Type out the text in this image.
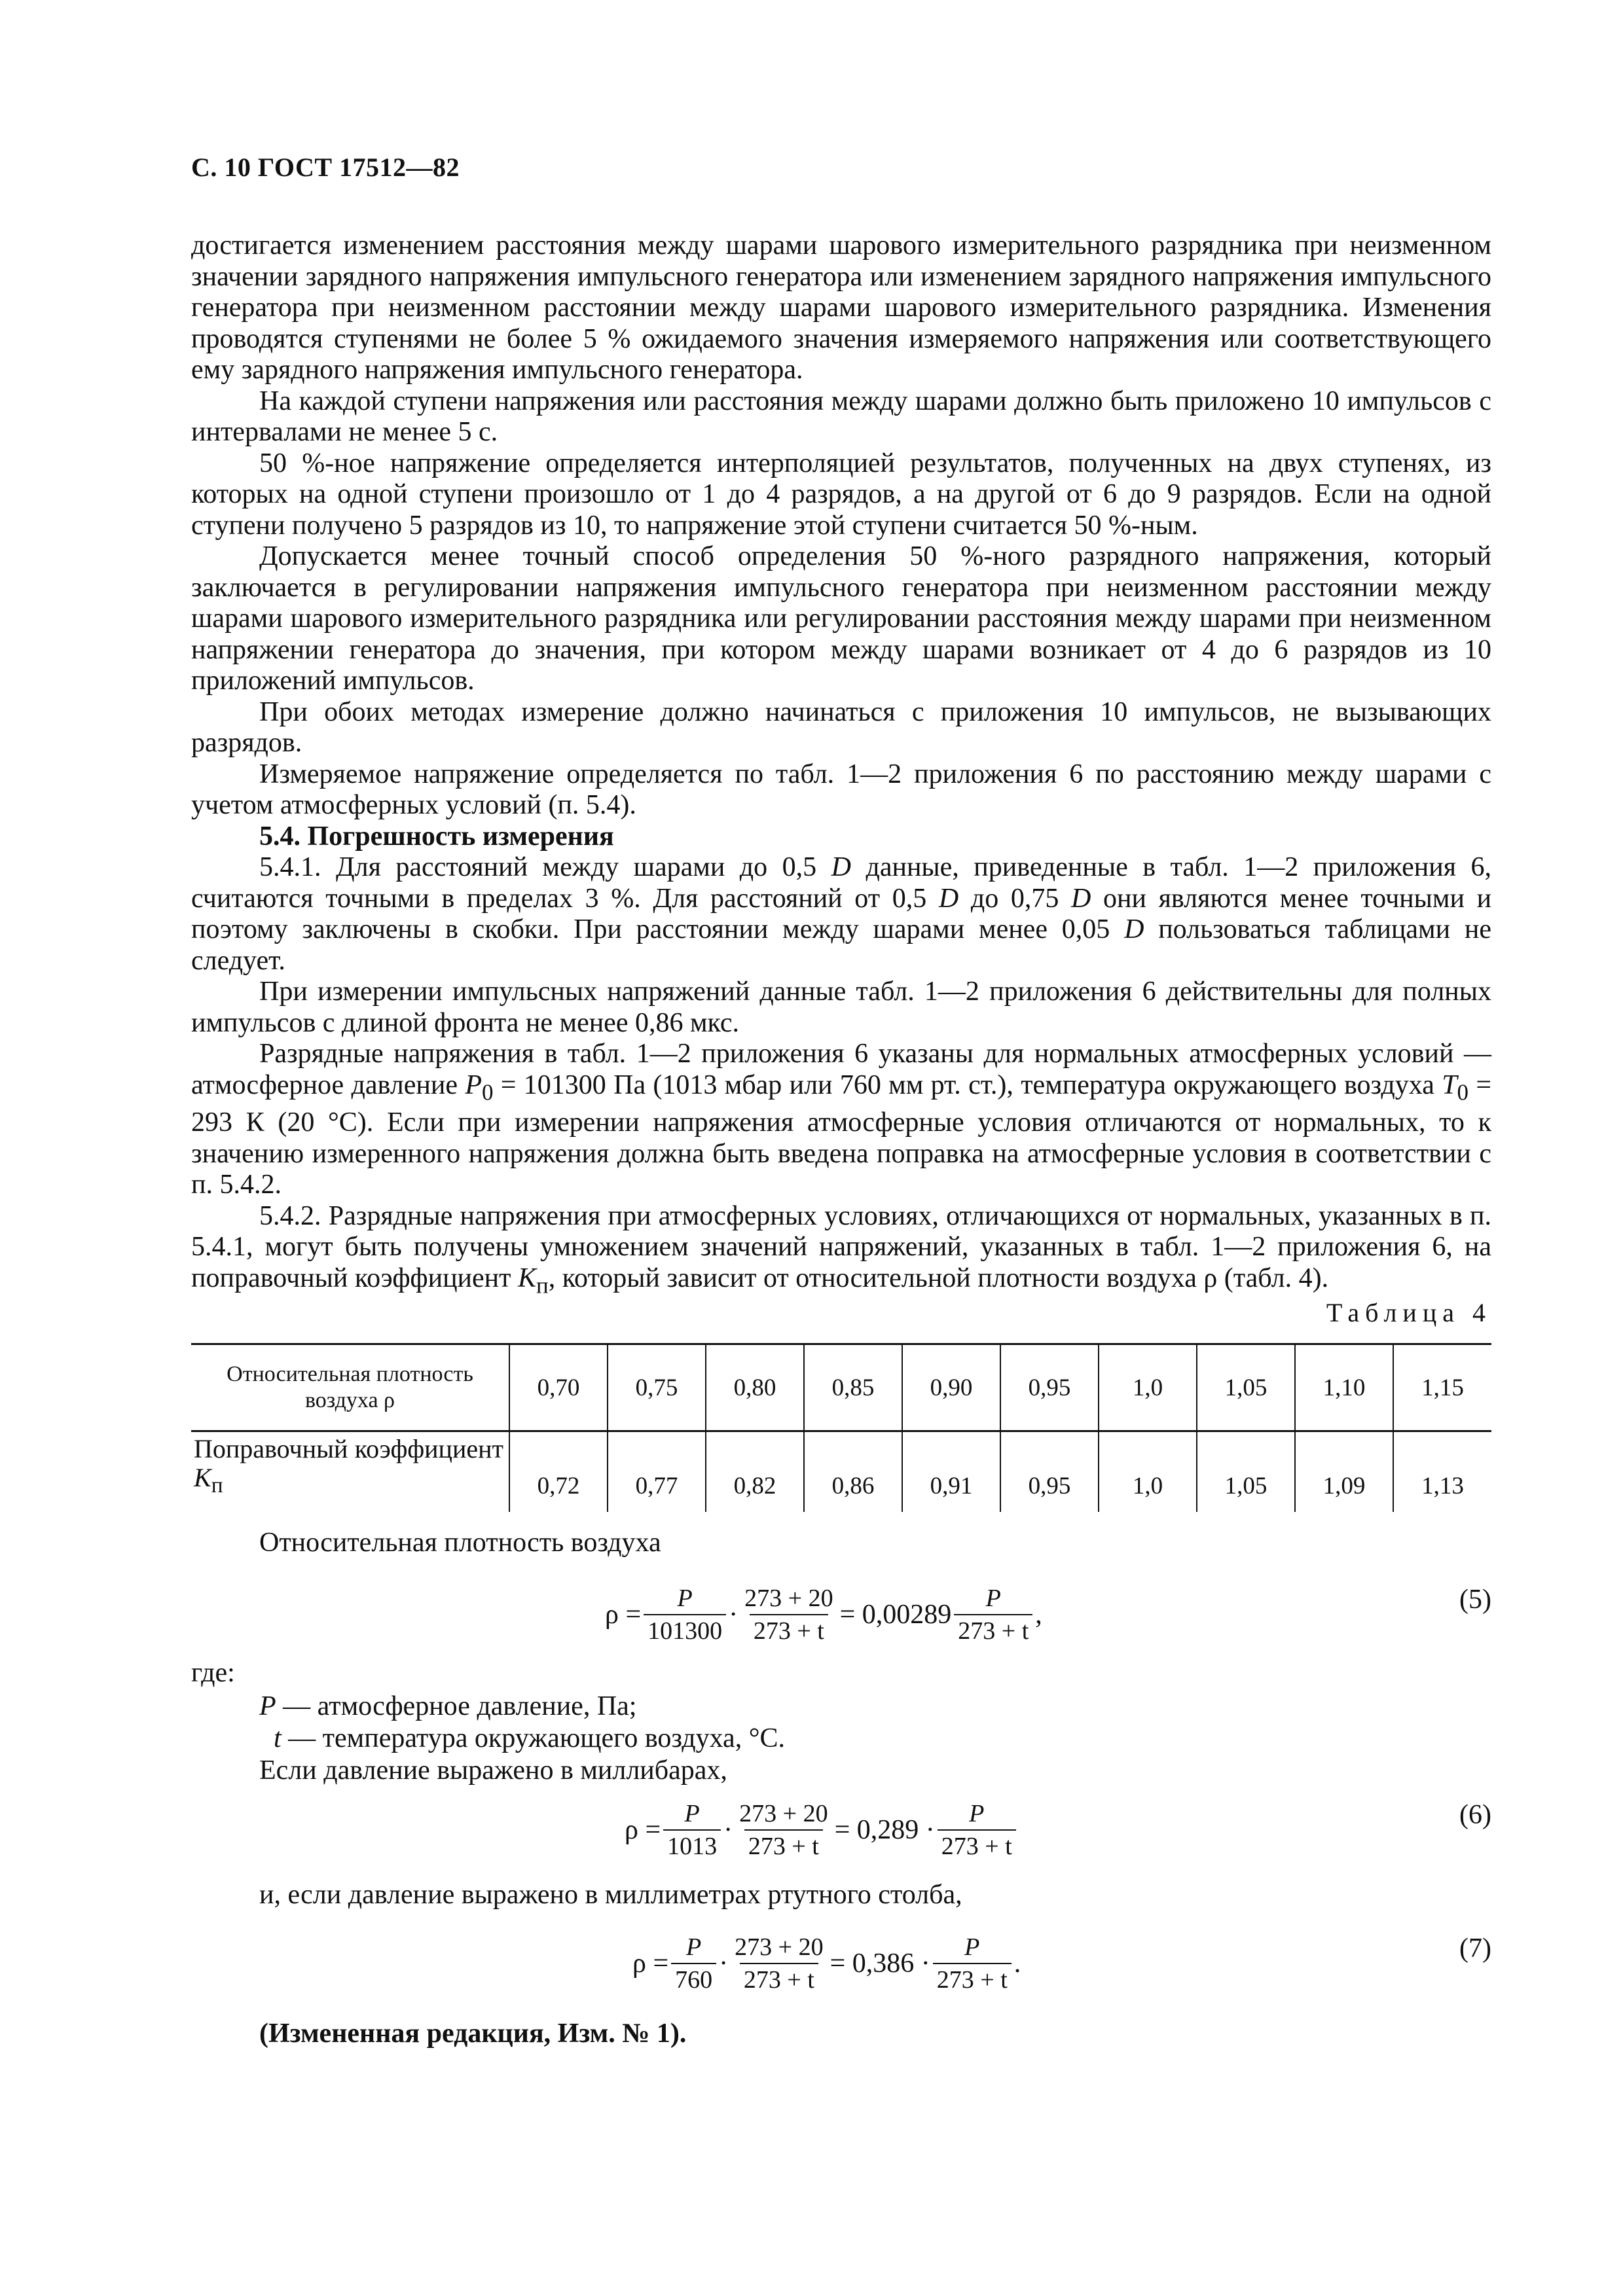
С. 10 ГОСТ 17512—82

достигается изменением расстояния между шарами шарового измерительного разрядника при неизменном значении зарядного напряжения импульсного генератора или изменением зарядного напряжения импульсного генератора при неизменном расстоянии между шарами шарового измерительного разрядника. Изменения проводятся ступенями не более 5 % ожидаемого значения измеряемого напряжения или соответствующего ему зарядного напряжения импульсного генератора.

На каждой ступени напряжения или расстояния между шарами должно быть приложено 10 импульсов с интервалами не менее 5 с.

50 %-ное напряжение определяется интерполяцией результатов, полученных на двух ступенях, из которых на одной ступени произошло от 1 до 4 разрядов, а на другой от 6 до 9 разрядов. Если на одной ступени получено 5 разрядов из 10, то напряжение этой ступени считается 50 %-ным.

Допускается менее точный способ определения 50 %-ного разрядного напряжения, который заключается в регулировании напряжения импульсного генератора при неизменном расстоянии между шарами шарового измерительного разрядника или регулировании расстояния между шарами при неизменном напряжении генератора до значения, при котором между шарами возникает от 4 до 6 разрядов из 10 приложений импульсов.

При обоих методах измерение должно начинаться с приложения 10 импульсов, не вызывающих разрядов.

Измеряемое напряжение определяется по табл. 1—2 приложения 6 по расстоянию между шарами с учетом атмосферных условий (п. 5.4).

5.4. Погрешность измерения

5.4.1. Для расстояний между шарами до 0,5 D данные, приведенные в табл. 1—2 приложения 6, считаются точными в пределах 3 %. Для расстояний от 0,5 D до 0,75 D они являются менее точными и поэтому заключены в скобки. При расстоянии между шарами менее 0,05 D пользоваться таблицами не следует.

При измерении импульсных напряжений данные табл. 1—2 приложения 6 действительны для полных импульсов с длиной фронта не менее 0,86 мкс.

Разрядные напряжения в табл. 1—2 приложения 6 указаны для нормальных атмосферных условий — атмосферное давление $P_0 = 101300$ Па (1013 мбар или 760 мм рт. ст.), температура окружающего воздуха $T_0 = 293$ К (20 °С). Если при измерении напряжения атмосферные условия отличаются от нормальных, то к значению измеренного напряжения должна быть введена поправка на атмосферные условия в соответствии с п. 5.4.2.

5.4.2. Разрядные напряжения при атмосферных условиях, отличающихся от нормальных, указанных в п. 5.4.1, могут быть получены умножением значений напряжений, указанных в табл. 1—2 приложения 6, на поправочный коэффициент $K_п$, который зависит от относительной плотности воздуха ρ (табл. 4).

Таблица 4
Относительная плотность воздуха ρ	0,70	0,75	0,80	0,85	0,90	0,95	1,0	1,05	1,10	1,15
Поправочный коэффициент $K_п$	0,72	0,77	0,82	0,86	0,91	0,95	1,0	1,05	1,09	1,13
Относительная плотность воздуха
$\rho = \frac{P}{101300} \cdot \frac{273 + 20}{273 + t} = 0,00289 \frac{P}{273 + t}$ ,	(5)
где:
P — атмосферное давление, Па;
t — температура окружающего воздуха, °С.
Если давление выражено в миллибарах,
$\rho = \frac{P}{1013} \cdot \frac{273 + 20}{273 + t} = 0,289 \cdot \frac{P}{273 + t}$	(6)
и, если давление выражено в миллиметрах ртутного столба,
$\rho = \frac{P}{760} \cdot \frac{273 + 20}{273 + t} = 0,386 \cdot \frac{P}{273 + t}$ .	(7)
(Измененная редакция, Изм. № 1).
